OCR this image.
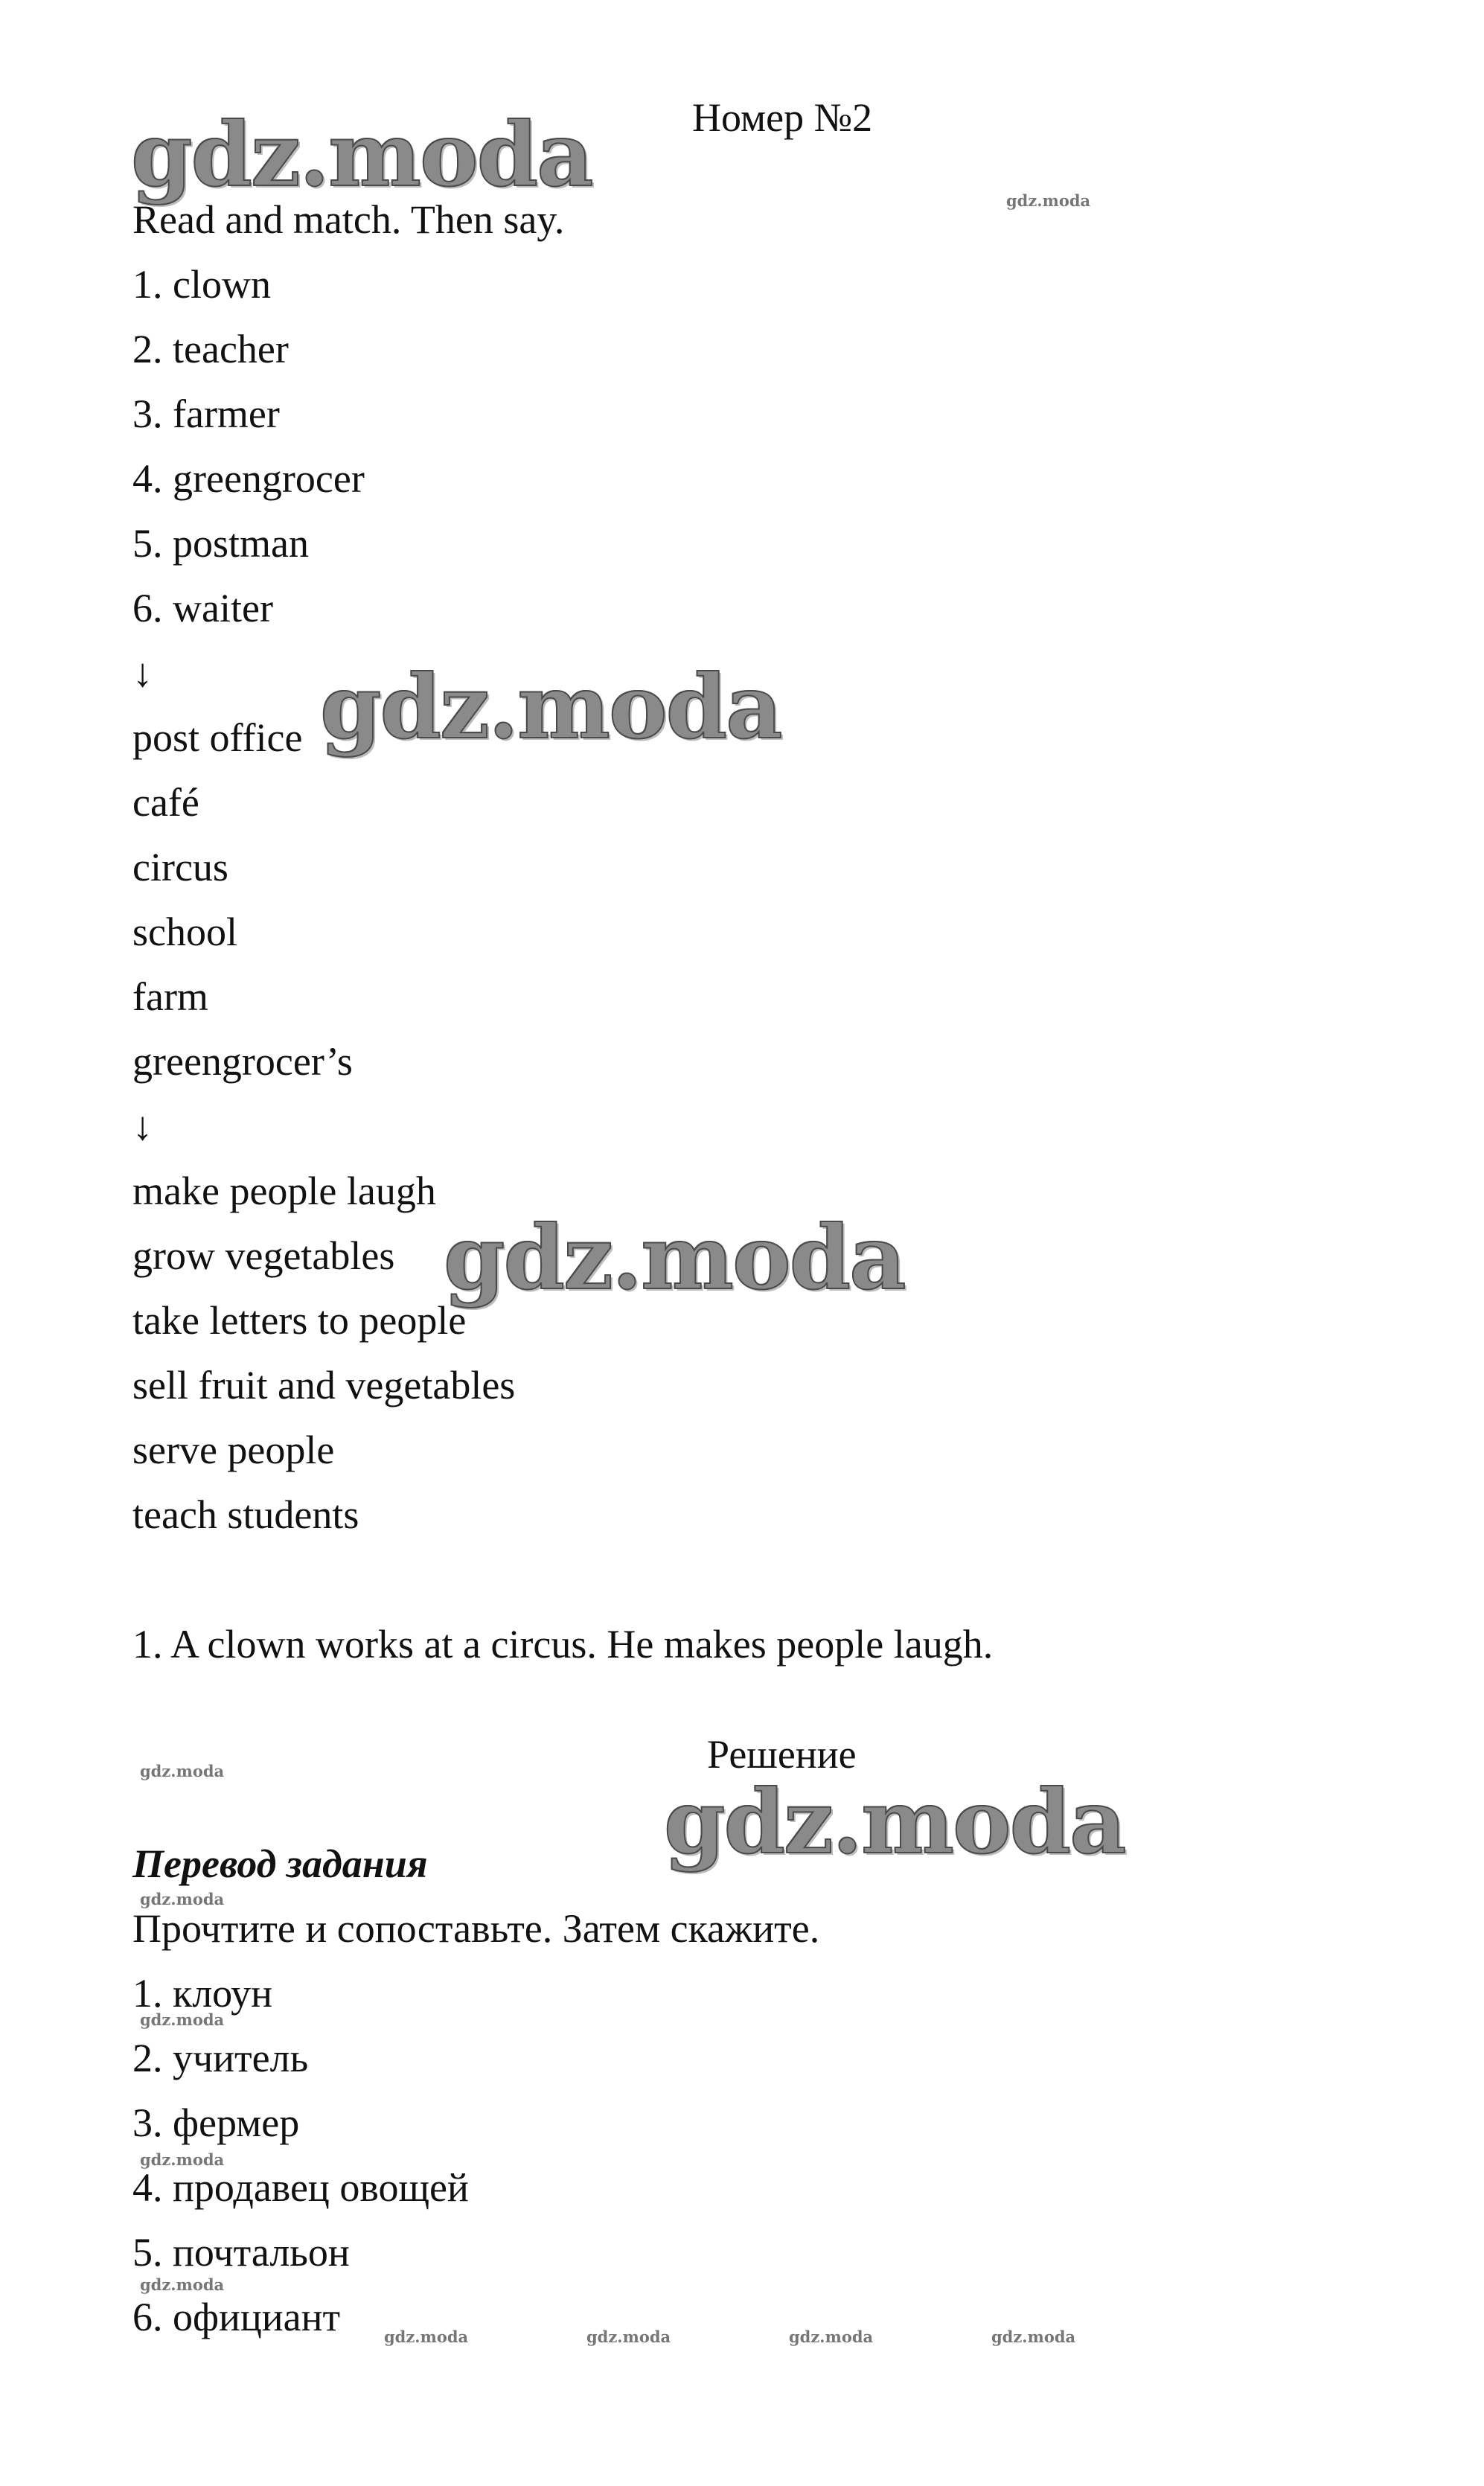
Номер №2
Read and match. Then say.
1. clown
2. teacher
3. farmer
4. greengrocer
5. postman
6. waiter
↓
post office
café
circus
school
farm
greengrocer’s
↓
make people laugh
grow vegetables
take letters to people
sell fruit and vegetables
serve people
teach students
1. A clown works at a circus. He makes people laugh.
Решение
Перевод задания
Прочтите и сопоставьте. Затем скажите.
1. клоун
2. учитель
3. фермер
4. продавец овощей
5. почтальон
6. официант
gdz.moda
gdz.moda
gdz.moda
gdz.moda
gdz.moda
gdz.moda
gdz.moda
gdz.moda
gdz.moda
gdz.moda
gdz.moda	gdz.moda	gdz.moda	gdz.moda
